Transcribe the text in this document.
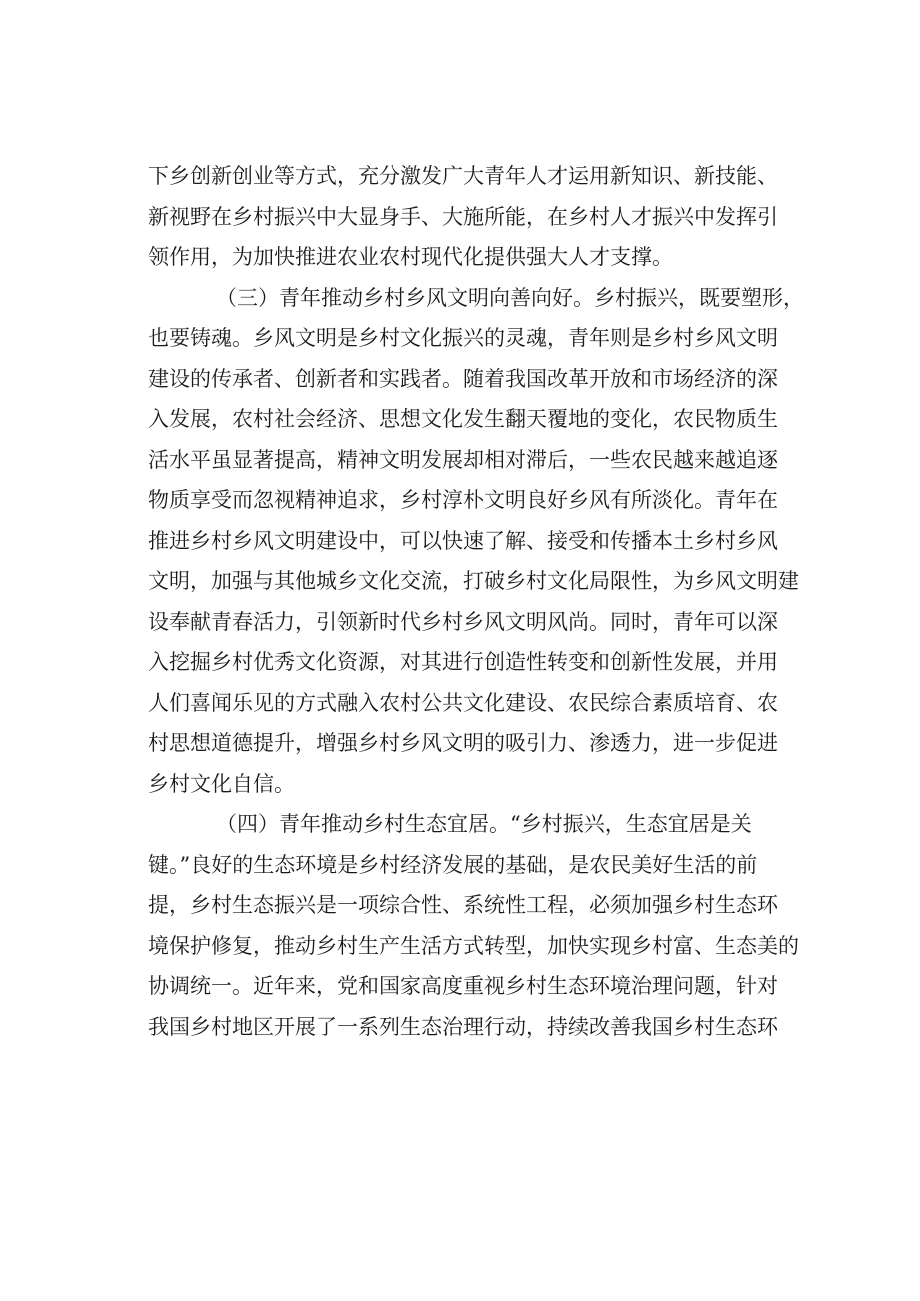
下乡创新创业等方式，充分激发广大青年人才运用新知识、新技能、
新视野在乡村振兴中大显身手、大施所能，在乡村人才振兴中发挥引
领作用，为加快推进农业农村现代化提供强大人才支撑。
（三）青年推动乡村乡风文明向善向好。乡村振兴，既要塑形，
也要铸魂。乡风文明是乡村文化振兴的灵魂，青年则是乡村乡风文明
建设的传承者、创新者和实践者。随着我国改革开放和市场经济的深
入发展，农村社会经济、思想文化发生翻天覆地的变化，农民物质生
活水平虽显著提高，精神文明发展却相对滞后，一些农民越来越追逐
物质享受而忽视精神追求，乡村淳朴文明良好乡风有所淡化。青年在
推进乡村乡风文明建设中，可以快速了解、接受和传播本土乡村乡风
文明，加强与其他城乡文化交流，打破乡村文化局限性，为乡风文明建
设奉献青春活力，引领新时代乡村乡风文明风尚。同时，青年可以深
入挖掘乡村优秀文化资源，对其进行创造性转变和创新性发展，并用
人们喜闻乐见的方式融入农村公共文化建设、农民综合素质培育、农
村思想道德提升，增强乡村乡风文明的吸引力、渗透力，进一步促进
乡村文化自信。
（四）青年推动乡村生态宜居。“乡村振兴，生态宜居是关
键。”良好的生态环境是乡村经济发展的基础，是农民美好生活的前
提，乡村生态振兴是一项综合性、系统性工程，必须加强乡村生态环
境保护修复，推动乡村生产生活方式转型，加快实现乡村富、生态美的
协调统一。近年来，党和国家高度重视乡村生态环境治理问题，针对
我国乡村地区开展了一系列生态治理行动，持续改善我国乡村生态环
